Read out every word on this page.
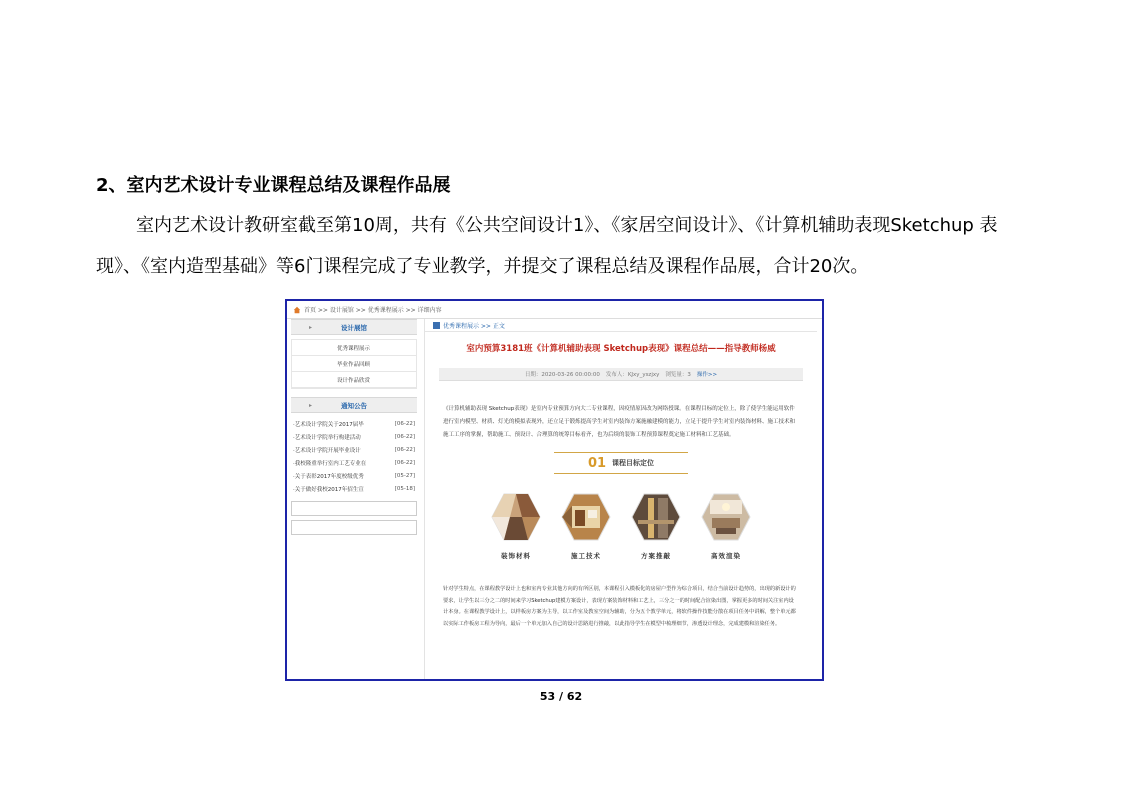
2、室内艺术设计专业课程总结及课程作品展
室内艺术设计教研室截至第10周，共有《公共空间设计1》、《家居空间设计》、《计算机辅助表现Sketchup 表现》、《室内造型基础》等6门课程完成了专业教学，并提交了课程总结及课程作品展，合计20次。
首页 >> 设计展馆 >> 优秀课程展示 >> 详细内容
▸	设计展馆
优秀课程展示
毕业作品回顾
设计作品欣赏
▸	通知公告
·艺术设计学院关于2017届毕	[06-22]
·艺术设计学院举行构建活动	[06-22]
·艺术设计学院开展毕业设计	[06-22]
·我校隆重举行室内工艺专业在	[06-22]
·关于表彰2017年度校级优秀	[05-27]
·关于做好我校2017年招生宣	[05-18]
优秀课程展示 >> 正文
室内预算3181班《计算机辅助表现 Sketchup表现》课程总结——指导教师杨威
日期：2020-03-26 00:00:00 发布人：KJxy_yszjxy 浏览量：3 操作>>
《计算机辅助表现 Sketchup表现》是室内专业预算方向大二专业课程，因疫情原因改为网络授课。在课程目标的定位上，除了使学生能运用软件进行室内模型、材质、灯光的模拟表现外，还立足于锻炼提高学生对室内装饰方案施融建模的能力，立足于提升学生对室内装饰材料、施工技术和施工工序的掌握，帮助施工、预设计、合理算的统筹目标看齐，也为后续的装饰工程预算课程奠定施工材料和工艺基础。
01 课程目标定位
装饰材料	施工技术	方案推敲	高效渲染
针对学生特点，在课程教学设计上也和室内专业其他方向的有所区别，本课程引入模板化的房屋户型作为综合项目，结合当前设计趋势的，出现的新设计的要求，让学生以三分之二的时间来学习Sketchup建模方案设计，表现方案装饰材料和工艺上，三分之一的时间配合渲染出图，掌握更多的时间关注室内设计本身。在课程教学设计上，以样板房方案为主导，以工作室及教室空间为辅助，分为五个教学单元，将软件操作技能分散在项目任务中讲解，整个单元都以实际工作板房工程为导向，最后一个单元加入自己的设计思路进行推敲，以此指导学生在模型中梳理细节，渗透设计理念，完成建模和渲染任务。
53 / 62
